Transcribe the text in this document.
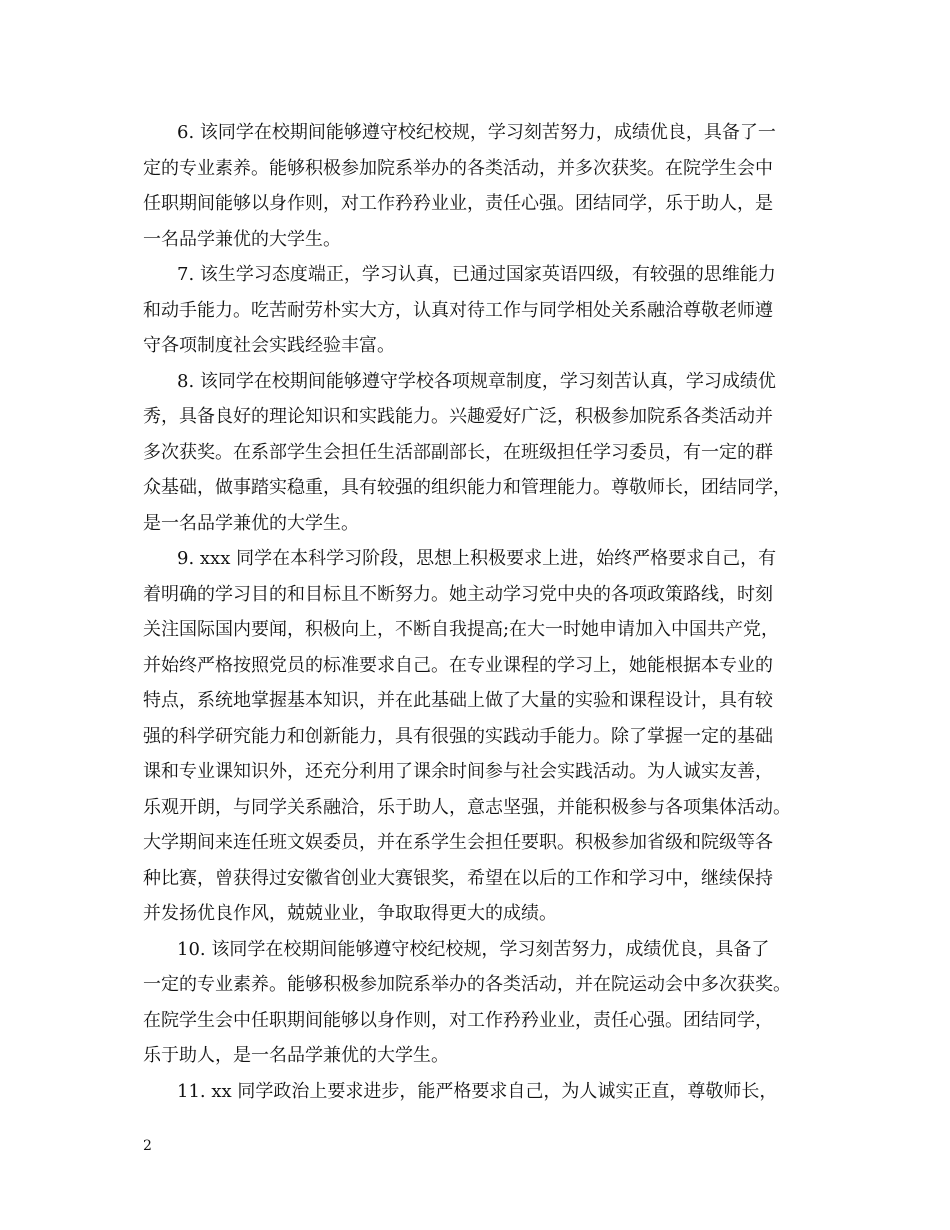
6. 该同学在校期间能够遵守校纪校规，学习刻苦努力，成绩优良，具备了一
定的专业素养。能够积极参加院系举办的各类活动，并多次获奖。在院学生会中
任职期间能够以身作则，对工作矜矜业业，责任心强。团结同学，乐于助人，是
一名品学兼优的大学生。
7. 该生学习态度端正，学习认真，已通过国家英语四级，有较强的思维能力
和动手能力。吃苦耐劳朴实大方，认真对待工作与同学相处关系融洽尊敬老师遵
守各项制度社会实践经验丰富。
8. 该同学在校期间能够遵守学校各项规章制度，学习刻苦认真，学习成绩优
秀，具备良好的理论知识和实践能力。兴趣爱好广泛，积极参加院系各类活动并
多次获奖。在系部学生会担任生活部副部长，在班级担任学习委员，有一定的群
众基础，做事踏实稳重，具有较强的组织能力和管理能力。尊敬师长，团结同学，
是一名品学兼优的大学生。
9. xxx 同学在本科学习阶段，思想上积极要求上进，始终严格要求自己，有
着明确的学习目的和目标且不断努力。她主动学习党中央的各项政策路线，时刻
关注国际国内要闻，积极向上，不断自我提高;在大一时她申请加入中国共产党，
并始终严格按照党员的标准要求自己。在专业课程的学习上，她能根据本专业的
特点，系统地掌握基本知识，并在此基础上做了大量的实验和课程设计，具有较
强的科学研究能力和创新能力，具有很强的实践动手能力。除了掌握一定的基础
课和专业课知识外，还充分利用了课余时间参与社会实践活动。为人诚实友善，
乐观开朗，与同学关系融洽，乐于助人，意志坚强，并能积极参与各项集体活动。
大学期间来连任班文娱委员，并在系学生会担任要职。积极参加省级和院级等各
种比赛，曾获得过安徽省创业大赛银奖，希望在以后的工作和学习中，继续保持
并发扬优良作风，兢兢业业，争取取得更大的成绩。
10. 该同学在校期间能够遵守校纪校规，学习刻苦努力，成绩优良，具备了
一定的专业素养。能够积极参加院系举办的各类活动，并在院运动会中多次获奖。
在院学生会中任职期间能够以身作则，对工作矜矜业业，责任心强。团结同学，
乐于助人，是一名品学兼优的大学生。
11. xx 同学政治上要求进步，能严格要求自己，为人诚实正直，尊敬师长，
2
